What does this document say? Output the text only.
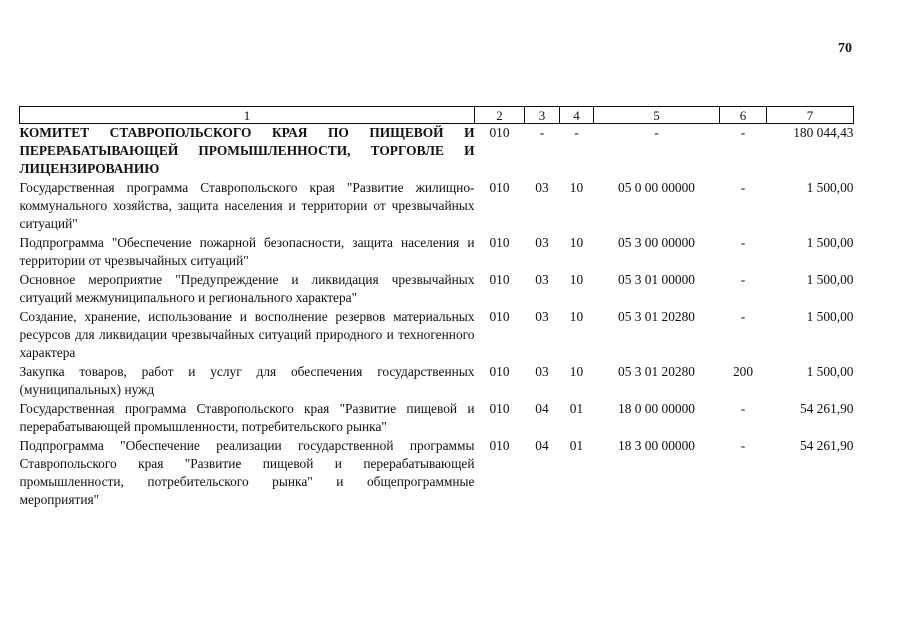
70
1	2	3	4	5	6	7
КОМИТЕТ СТАВРОПОЛЬСКОГО КРАЯ ПО ПИЩЕВОЙ И ПЕРЕРАБАТЫВАЮЩЕЙ ПРОМЫШЛЕННОСТИ, ТОРГОВЛЕ И ЛИЦЕНЗИРОВАНИЮ	010	-	-	-	-	180 044,43
Государственная программа Ставропольского края "Развитие жилищно-коммунального хозяйства, защита населения и территории от чрезвычайных ситуаций"	010	03	10	05 0 00 00000	-	1 500,00
Подпрограмма "Обеспечение пожарной безопасности, защита населения и территории от чрезвычайных ситуаций"	010	03	10	05 3 00 00000	-	1 500,00
Основное мероприятие "Предупреждение и ликвидация чрезвычайных ситуаций межмуниципального и регионального характера"	010	03	10	05 3 01 00000	-	1 500,00
Создание, хранение, использование и восполнение резервов материальных ресурсов для ликвидации чрезвычайных ситуаций природного и техногенного характера	010	03	10	05 3 01 20280	-	1 500,00
Закупка товаров, работ и услуг для обеспечения государственных (муниципальных) нужд	010	03	10	05 3 01 20280	200	1 500,00
Государственная программа Ставропольского края "Развитие пищевой и перерабатывающей промышленности, потребительского рынка"	010	04	01	18 0 00 00000	-	54 261,90
Подпрограмма "Обеспечение реализации государственной программы Ставропольского края "Развитие пищевой и перерабатывающей промышленности, потребительского рынка" и общепрограммные мероприятия"	010	04	01	18 3 00 00000	-	54 261,90
